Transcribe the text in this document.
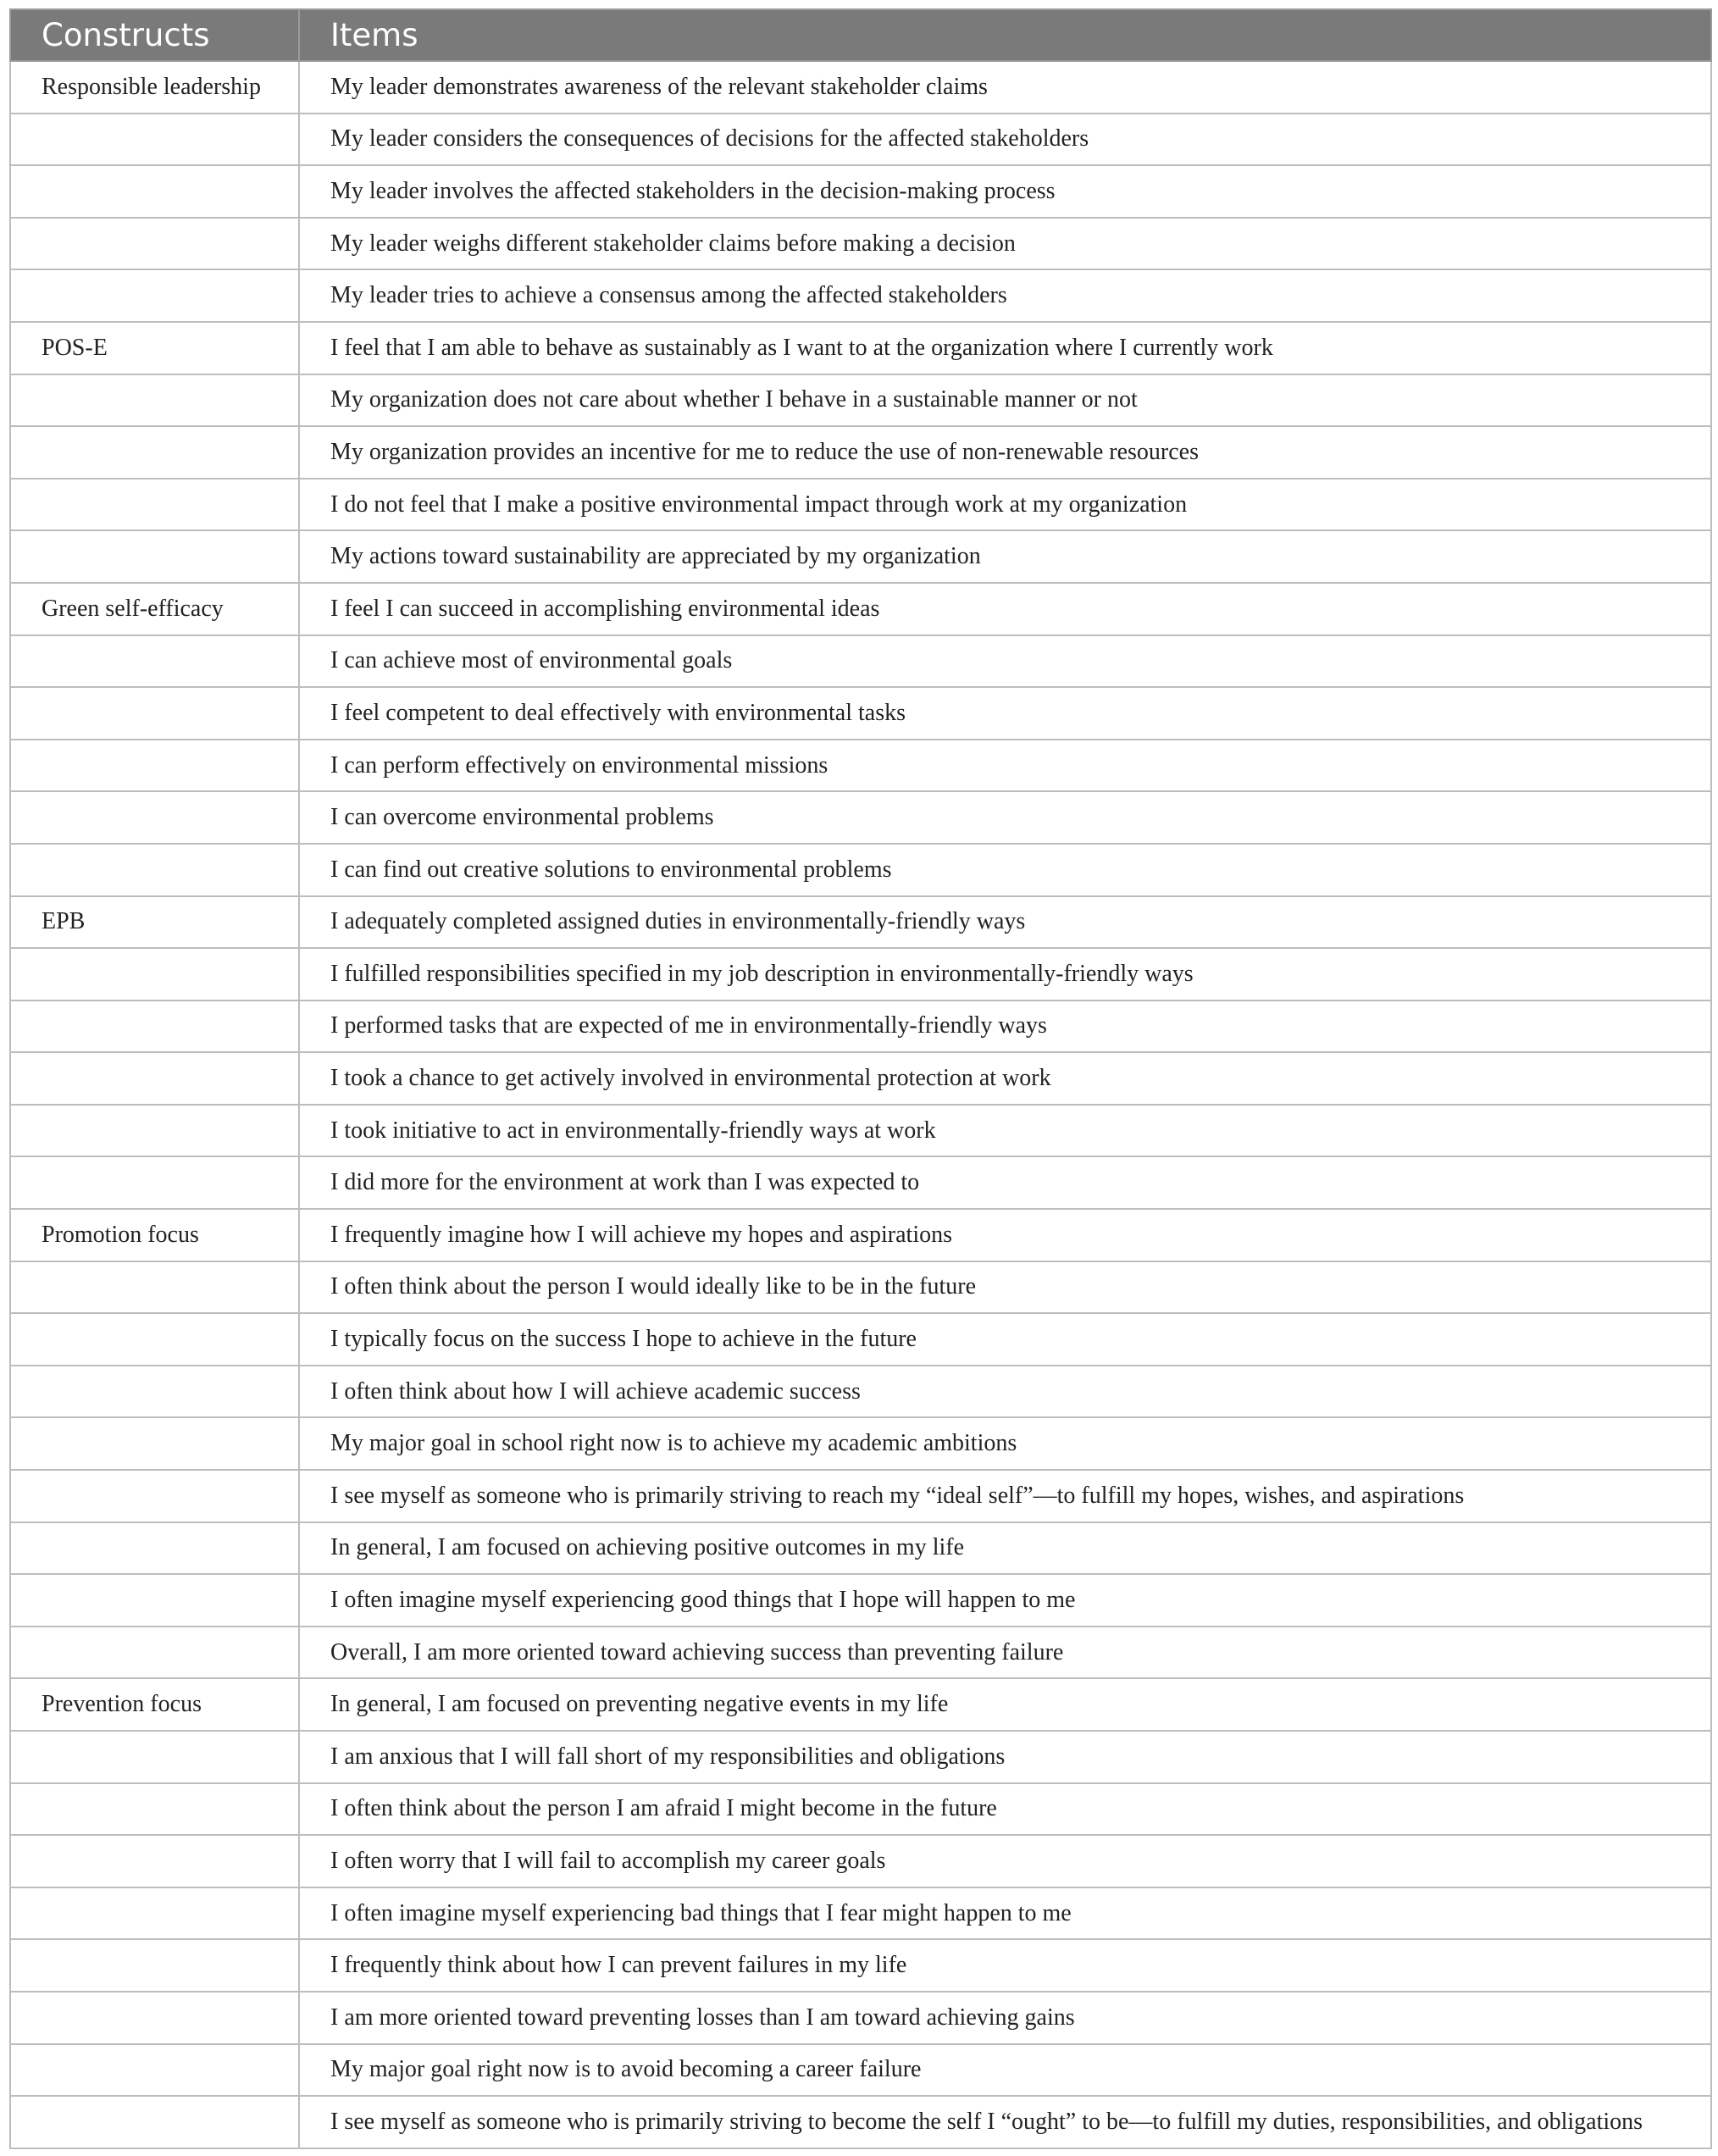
Constructs	Items
Responsible leadership	My leader demonstrates awareness of the relevant stakeholder claims
	My leader considers the consequences of decisions for the affected stakeholders
	My leader involves the affected stakeholders in the decision-making process
	My leader weighs different stakeholder claims before making a decision
	My leader tries to achieve a consensus among the affected stakeholders
POS-E	I feel that I am able to behave as sustainably as I want to at the organization where I currently work
	My organization does not care about whether I behave in a sustainable manner or not
	My organization provides an incentive for me to reduce the use of non-renewable resources
	I do not feel that I make a positive environmental impact through work at my organization
	My actions toward sustainability are appreciated by my organization
Green self-efficacy	I feel I can succeed in accomplishing environmental ideas
	I can achieve most of environmental goals
	I feel competent to deal effectively with environmental tasks
	I can perform effectively on environmental missions
	I can overcome environmental problems
	I can find out creative solutions to environmental problems
EPB	I adequately completed assigned duties in environmentally-friendly ways
	I fulfilled responsibilities specified in my job description in environmentally-friendly ways
	I performed tasks that are expected of me in environmentally-friendly ways
	I took a chance to get actively involved in environmental protection at work
	I took initiative to act in environmentally-friendly ways at work
	I did more for the environment at work than I was expected to
Promotion focus	I frequently imagine how I will achieve my hopes and aspirations
	I often think about the person I would ideally like to be in the future
	I typically focus on the success I hope to achieve in the future
	I often think about how I will achieve academic success
	My major goal in school right now is to achieve my academic ambitions
	I see myself as someone who is primarily striving to reach my “ideal self”—to fulfill my hopes, wishes, and aspirations
	In general, I am focused on achieving positive outcomes in my life
	I often imagine myself experiencing good things that I hope will happen to me
	Overall, I am more oriented toward achieving success than preventing failure
Prevention focus	In general, I am focused on preventing negative events in my life
	I am anxious that I will fall short of my responsibilities and obligations
	I often think about the person I am afraid I might become in the future
	I often worry that I will fail to accomplish my career goals
	I often imagine myself experiencing bad things that I fear might happen to me
	I frequently think about how I can prevent failures in my life
	I am more oriented toward preventing losses than I am toward achieving gains
	My major goal right now is to avoid becoming a career failure
	I see myself as someone who is primarily striving to become the self I “ought” to be—to fulfill my duties, responsibilities, and obligations
